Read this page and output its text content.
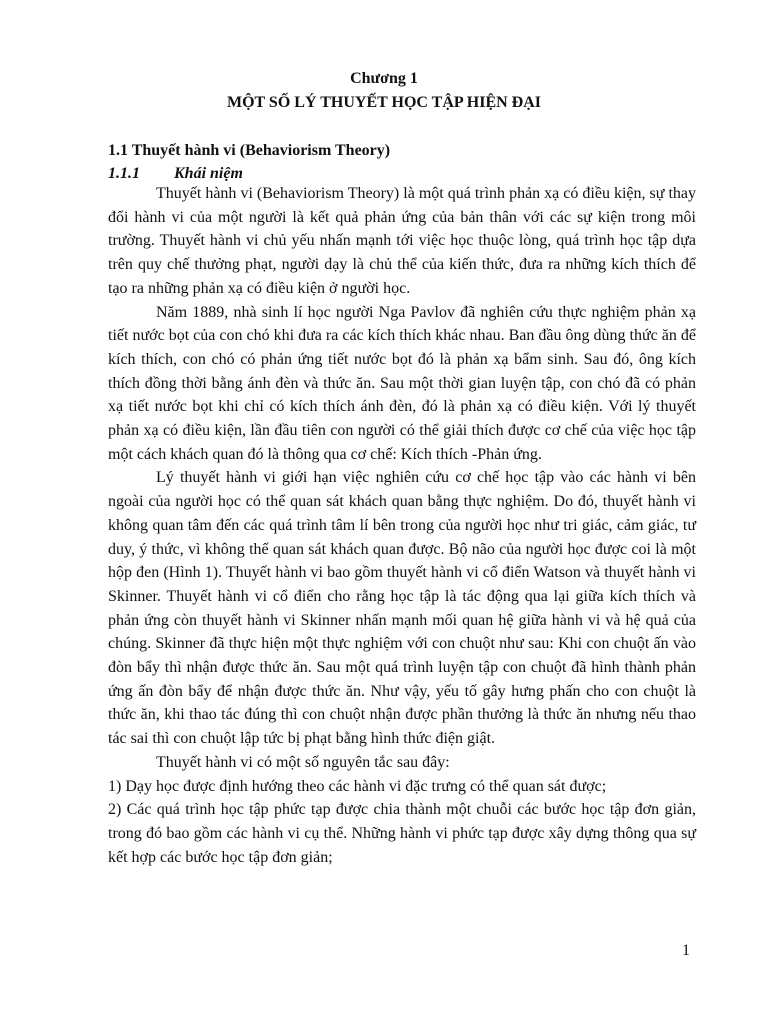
Chương 1
MỘT SỐ LÝ THUYẾT HỌC TẬP HIỆN ĐẠI
1.1 Thuyết hành vi (Behaviorism Theory)
1.1.1 Khái niệm

Thuyết hành vi (Behaviorism Theory) là một quá trình phản xạ có điều kiện, sự thay đổi hành vi của một người là kết quả phản ứng của bản thân với các sự kiện trong môi trường. Thuyết hành vi chủ yếu nhấn mạnh tới việc học thuộc lòng, quá trình học tập dựa trên quy chế thưởng phạt, người dạy là chủ thể của kiến thức, đưa ra những kích thích để tạo ra những phản xạ có điều kiện ở người học.

Năm 1889, nhà sinh lí học người Nga Pavlov đã nghiên cứu thực nghiệm phản xạ tiết nước bọt của con chó khi đưa ra các kích thích khác nhau. Ban đầu ông dùng thức ăn để kích thích, con chó có phản ứng tiết nước bọt đó là phản xạ bẩm sinh. Sau đó, ông kích thích đồng thời bằng ánh đèn và thức ăn. Sau một thời gian luyện tập, con chó đã có phản xạ tiết nước bọt khi chỉ có kích thích ánh đèn, đó là phản xạ có điều kiện. Với lý thuyết phản xạ có điều kiện, lần đầu tiên con người có thể giải thích được cơ chế của việc học tập một cách khách quan đó là thông qua cơ chế: Kích thích -Phản ứng.

Lý thuyết hành vi giới hạn việc nghiên cứu cơ chế học tập vào các hành vi bên ngoài của người học có thể quan sát khách quan bằng thực nghiệm. Do đó, thuyết hành vi không quan tâm đến các quá trình tâm lí bên trong của người học như tri giác, cảm giác, tư duy, ý thức, vì không thể quan sát khách quan được. Bộ não của người học được coi là một hộp đen (Hình 1). Thuyết hành vi bao gồm thuyết hành vi cổ điển Watson và thuyết hành vi Skinner. Thuyết hành vi cổ điển cho rằng học tập là tác động qua lại giữa kích thích và phản ứng còn thuyết hành vi Skinner nhấn mạnh mối quan hệ giữa hành vi và hệ quả của chúng. Skinner đã thực hiện một thực nghiệm với con chuột như sau: Khi con chuột ấn vào đòn bẩy thì nhận được thức ăn. Sau một quá trình luyện tập con chuột đã hình thành phản ứng ấn đòn bẩy để nhận được thức ăn. Như vậy, yếu tố gây hưng phấn cho con chuột là thức ăn, khi thao tác đúng thì con chuột nhận được phần thưởng là thức ăn nhưng nếu thao tác sai thì con chuột lập tức bị phạt bằng hình thức điện giật.

Thuyết hành vi có một số nguyên tắc sau đây:

1) Dạy học được định hướng theo các hành vi đặc trưng có thể quan sát được;

2) Các quá trình học tập phức tạp được chia thành một chuỗi các bước học tập đơn giản, trong đó bao gồm các hành vi cụ thể. Những hành vi phức tạp được xây dựng thông qua sự kết hợp các bước học tập đơn giản;

1
